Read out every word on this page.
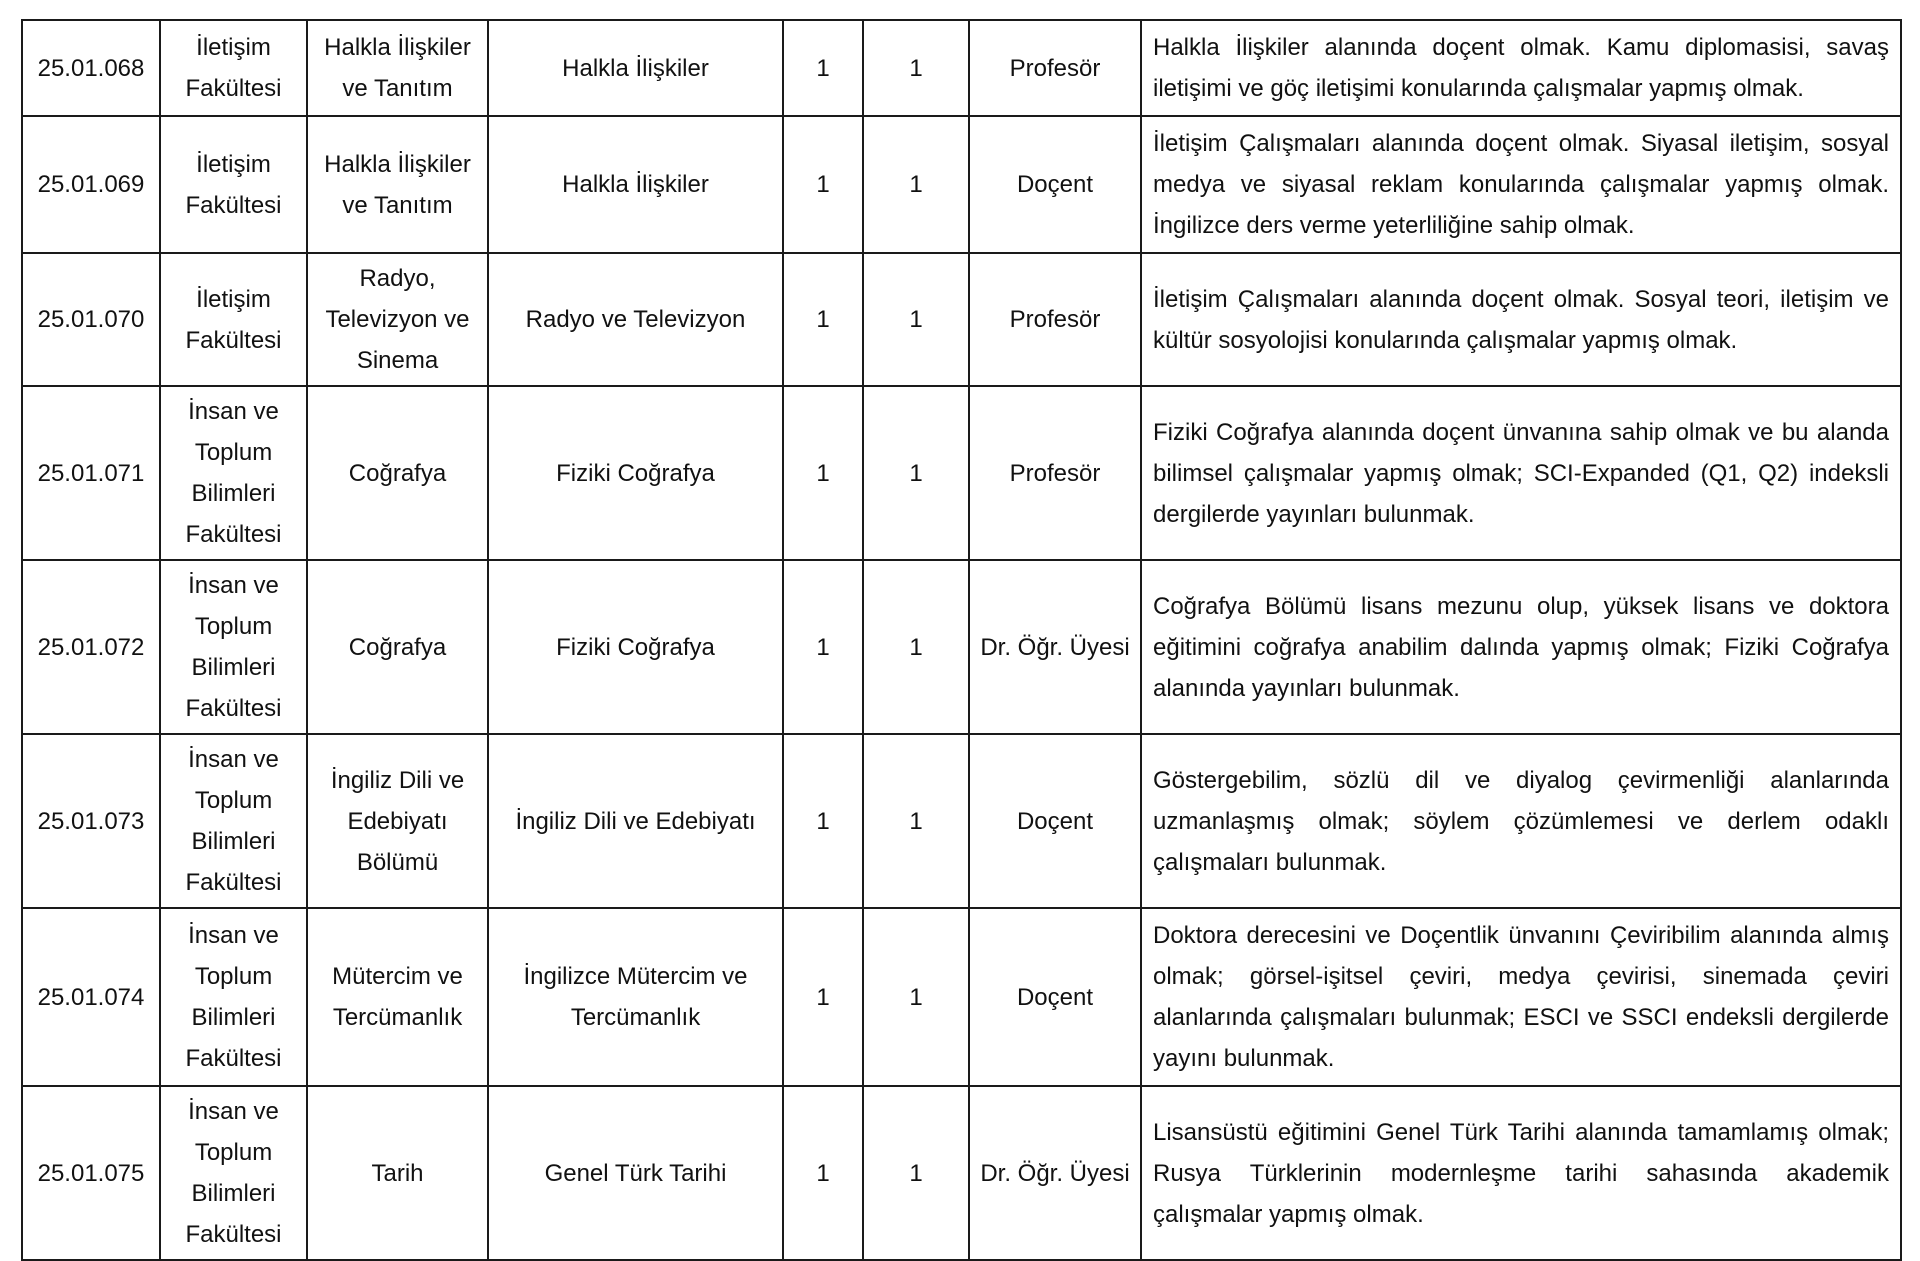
25.01.068	İletişim Fakültesi	Halkla İlişkiler ve Tanıtım	Halkla İlişkiler	1	1	Profesör	Halkla İlişkiler alanında doçent olmak. Kamu diplomasisi, savaş iletişimi ve göç iletişimi konularında çalışmalar yapmış olmak.
25.01.069	İletişim Fakültesi	Halkla İlişkiler ve Tanıtım	Halkla İlişkiler	1	1	Doçent	İletişim Çalışmaları alanında doçent olmak. Siyasal iletişim, sosyal medya ve siyasal reklam konularında çalışmalar yapmış olmak. İngilizce ders verme yeterliliğine sahip olmak.
25.01.070	İletişim Fakültesi	Radyo, Televizyon ve Sinema	Radyo ve Televizyon	1	1	Profesör	İletişim Çalışmaları alanında doçent olmak. Sosyal teori, iletişim ve kültür sosyolojisi konularında çalışmalar yapmış olmak.
25.01.071	İnsan ve Toplum Bilimleri Fakültesi	Coğrafya	Fiziki Coğrafya	1	1	Profesör	Fiziki Coğrafya alanında doçent ünvanına sahip olmak ve bu alanda bilimsel çalışmalar yapmış olmak; SCI-Expanded (Q1, Q2) indeksli dergilerde yayınları bulunmak.
25.01.072	İnsan ve Toplum Bilimleri Fakültesi	Coğrafya	Fiziki Coğrafya	1	1	Dr. Öğr. Üyesi	Coğrafya Bölümü lisans mezunu olup, yüksek lisans ve doktora eğitimini coğrafya anabilim dalında yapmış olmak; Fiziki Coğrafya alanında yayınları bulunmak.
25.01.073	İnsan ve Toplum Bilimleri Fakültesi	İngiliz Dili ve Edebiyatı Bölümü	İngiliz Dili ve Edebiyatı	1	1	Doçent	Göstergebilim, sözlü dil ve diyalog çevirmenliği alanlarında uzmanlaşmış olmak; söylem çözümlemesi ve derlem odaklı çalışmaları bulunmak.
25.01.074	İnsan ve Toplum Bilimleri Fakültesi	Mütercim ve Tercümanlık	İngilizce Mütercim ve Tercümanlık	1	1	Doçent	Doktora derecesini ve Doçentlik ünvanını Çeviribilim alanında almış olmak; görsel-işitsel çeviri, medya çevirisi, sinemada çeviri alanlarında çalışmaları bulunmak; ESCI ve SSCI endeksli dergilerde yayını bulunmak.
25.01.075	İnsan ve Toplum Bilimleri Fakültesi	Tarih	Genel Türk Tarihi	1	1	Dr. Öğr. Üyesi	Lisansüstü eğitimini Genel Türk Tarihi alanında tamamlamış olmak; Rusya Türklerinin modernleşme tarihi sahasında akademik çalışmalar yapmış olmak.
